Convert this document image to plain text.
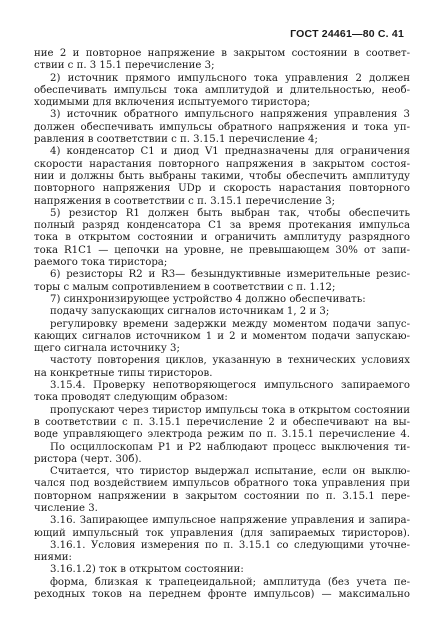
ГОСТ 24461—80 С. 41
ние 2 и повторное напряжение в закрытом состоянии в соответ-
ствии с п. 3 15.1 перечисление 3;
2) источник прямого импульсного тока управления 2 должен
обеспечивать импульсы тока амплитудой и длительностью, необ-
ходимыми для включения испытуемого тиристора;
3) источник обратного импульсного напряжения управления 3
должен обеспечивать импульсы обратного напряжения и тока уп-
равления в соответствии с п. 3.15.1 перечисление 4;
4) конденсатор С1 и диод V1 предназначены для ограничения
скорости нарастания повторного напряжения в закрытом состоя-
нии и должны быть выбраны такими, чтобы обеспечить амплитуду
повторного напряжения UDp и скорость нарастания повторного
напряжения в соответствии с п. 3.15.1 перечисление 3;
5) резистор R1 должен быть выбран так, чтобы обеспечить
полный разряд конденсатора С1 за время протекания импульса
тока в открытом состоянии и ограничить амплитуду разрядного
тока R1C1 — цепочки на уровне, не превышающем 30% от запи-
раемого тока тиристора;
6) резисторы R2 и R3— безындуктивные измерительные резис-
торы с малым сопротивлением в соответствии с п. 1.12;
7) синхронизирующее устройство 4 должно обеспечивать:
подачу запускающих сигналов источникам 1, 2 и 3;
регулировку времени задержки между моментом подачи запус-
кающих сигналов источником 1 и 2 и моментом подачи запускаю-
щего сигнала источнику 3;
частоту повторения циклов, указанную в технических условиях
на конкретные типы тиристоров.
3.15.4. Проверку непотворяющегося импульсного запираемого
тока проводят следующим образом:
пропускают через тиристор импульсы тока в открытом состоянии
в соответствии с п. 3.15.1 перечисление 2 и обеспечивают на вы-
воде управляющего электрода режим по п. 3.15.1 перечисление 4.
По осциллоскопам Р1 и Р2 наблюдают процесс выключения ти-
ристора (черт. 30б).
Считается, что тиристор выдержал испытание, если он выклю-
чался под воздействием импульсов обратного тока управления при
повторном напряжении в закрытом состоянии по п. 3.15.1 пере-
числение 3.
3.16. Запирающее импульсное напряжение управления и запира-
ющий импульсный ток управления (для запираемых тиристоров).
3.16.1. Условия измерения по п. 3.15.1 со следующими уточне-
ниями:
3.16.1.2) ток в открытом состоянии:
форма, близкая к трапецеидальной; амплитуда (без учета пе-
реходных токов на переднем фронте импульсов) — максимально
